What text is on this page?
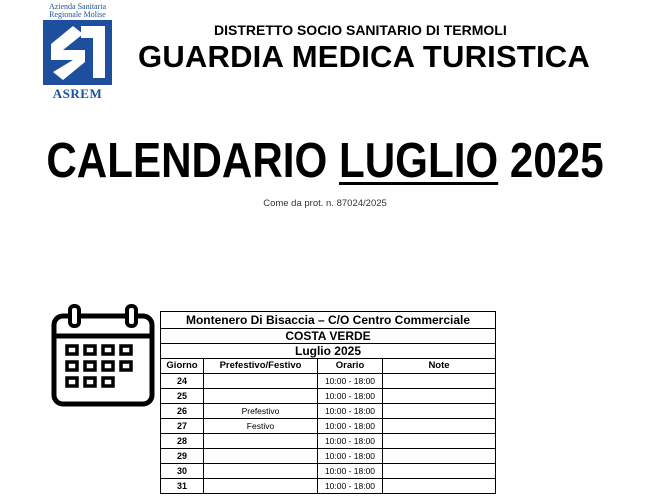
Azienda Sanitaria
Regionale Molise
ASREM
DISTRETTO SOCIO SANITARIO DI TERMOLI
GUARDIA MEDICA TURISTICA
CALENDARIO LUGLIO 2025
Come da prot. n. 87024/2025
Montenero Di Bisaccia – C/O Centro Commerciale			
COSTA VERDE			
Luglio 2025			
Giorno	Prefestivo/Festivo	Orario	Note
24		10:00 - 18:00	
25		10:00 - 18:00	
26	Prefestivo	10:00 - 18:00	
27	Festivo	10:00 - 18:00	
28		10:00 - 18:00	
29		10:00 - 18:00	
30		10:00 - 18:00	
31		10:00 - 18:00	
